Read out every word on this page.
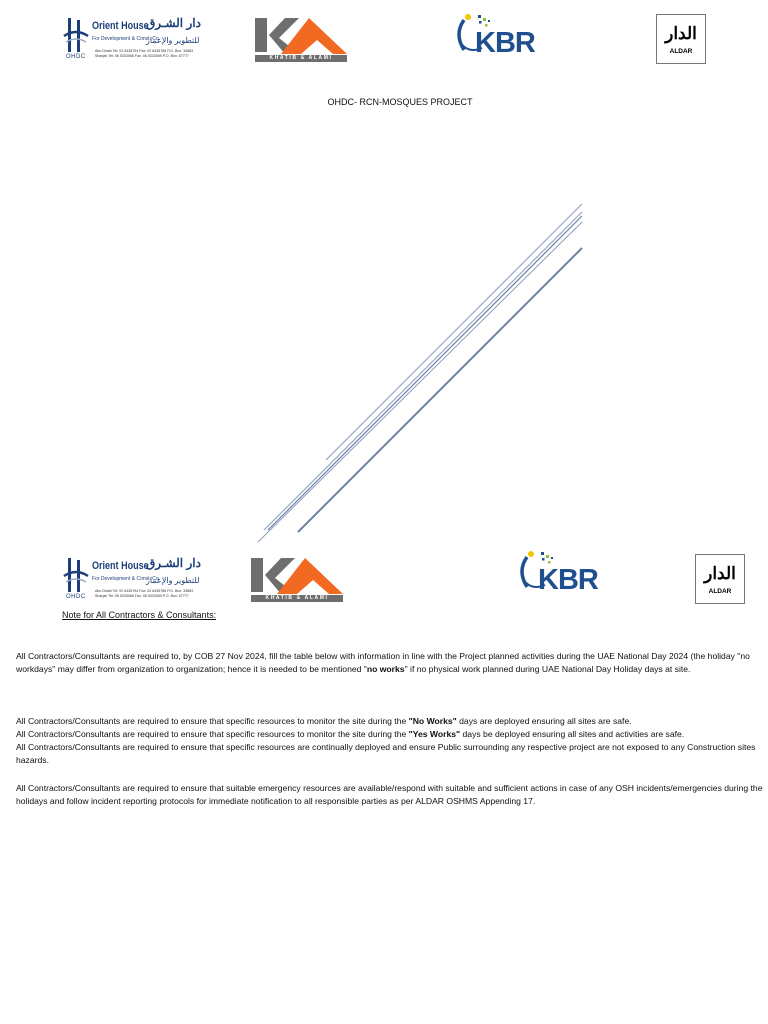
Orient House
دار الشـرق
للتطوير والإعمار
For Development & Const. Co.
Abu Dhabi Tel: 02 6435794 Fax: 02 6435786 P.O. Box: 33883
Sharjah Tel: 06 5333066 Fax: 06 5333069 P.O. Box: 57777
OHDC	KHATIB & ALAMI	KBR	الدار
ALDAR
OHDC- RCN-MOSQUES PROJECT
Orient House
دار الشـرق
للتطوير والإعمار
For Development & Const. Co.
Abu Dhabi Tel: 02 6435794 Fax: 02 6435786 P.O. Box: 33883
Sharjah Tel: 06 5333066 Fax: 06 5333069 P.O. Box: 57777
OHDC	KHATIB & ALAMI
KBR	الدار
ALDAR
Note for All Contractors & Consultants:

All Contractors/Consultants are required to, by COB 27 Nov 2024, fill the table below with information in line with the Project planned activities during the UAE National Day 2024 (the holiday "no workdays" may differ from organization to organization; hence it is needed to be mentioned "no works" if no physical work planned during UAE National Day Holiday days at site.

All Contractors/Consultants are required to ensure that specific resources to monitor the site during the "No Works" days are deployed ensuring all sites are safe.
All Contractors/Consultants are required to ensure that specific resources to monitor the site during the "Yes Works" days be deployed ensuring all sites and activities are safe.
All Contractors/Consultants are required to ensure that specific resources are continually deployed and ensure Public surrounding any respective project are not exposed to any Construction sites hazards.

All Contractors/Consultants are required to ensure that suitable emergency resources are available/respond with suitable and sufficient actions in case of any OSH incidents/emergencies during the holidays and follow incident reporting protocols for immediate notification to all responsible parties as per ALDAR OSHMS Appending 17.
